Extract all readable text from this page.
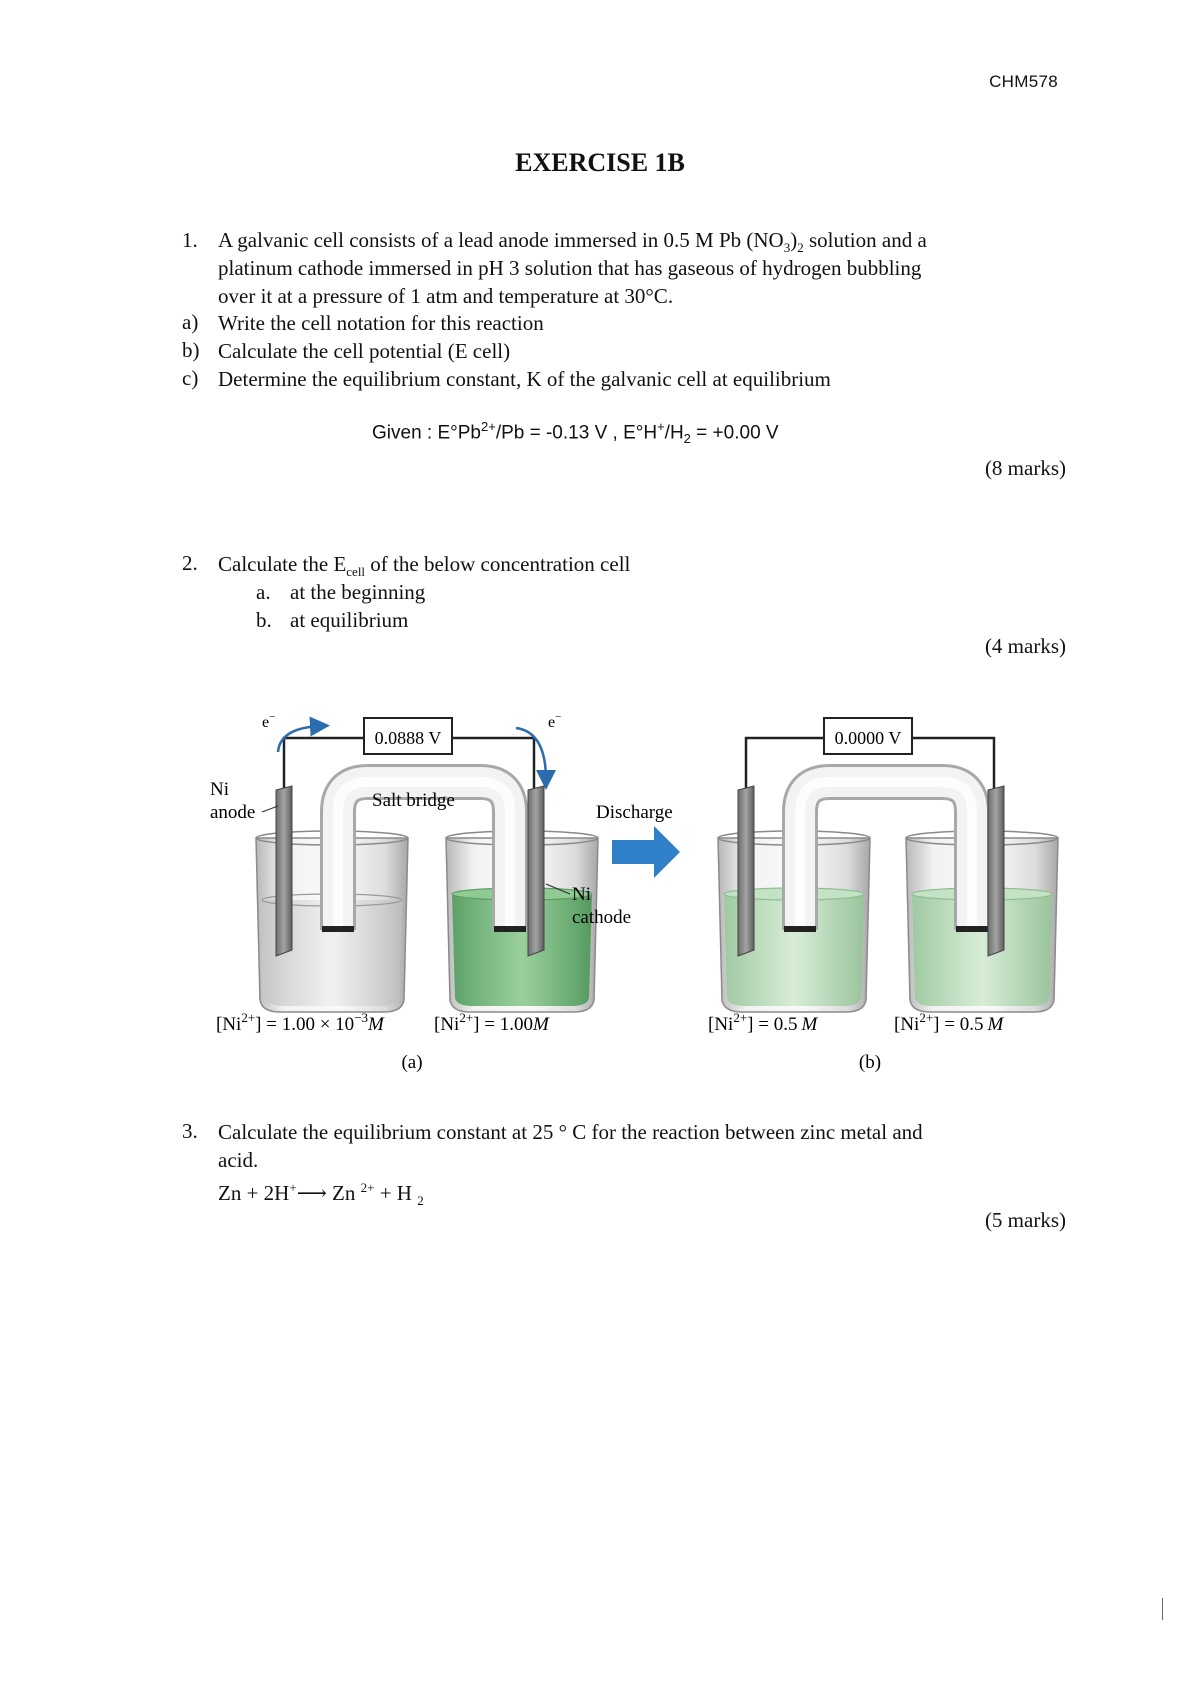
CHM578
EXERCISE 1B
1. A galvanic cell consists of a lead anode immersed in 0.5 M Pb $(NO_3)_2$ solution and a
platinum cathode immersed in pH 3 solution that has gaseous of hydrogen bubbling
over it at a pressure of 1 atm and temperature at 30°C.
a) Write the cell notation for this reaction
b) Calculate the cell potential (E cell)
c) Determine the equilibrium constant, K of the galvanic cell at equilibrium
Given : $E^\circ Pb^{2+}/Pb = -0.13$ V , $E^\circ H^+/H_2 = +0.00$ V
(8 marks)
2. Calculate the $E_{cell}$ of the below concentration cell
a. at the beginning
b. at equilibrium
(4 marks)
0.0888 V
e−	e−
Salt bridge
Ni
anode
Ni
cathode
$[Ni^{2+}] = 1.00 \times 10^{-3}M$	$[Ni^{2+}] = 1.00M$
(a)
Discharge
0.0000 V
$[Ni^{2+}] = 0.5$ M	$[Ni^{2+}] = 0.5$ M
(b)
3. Calculate the equilibrium constant at 25 ° C for the reaction between zinc metal and
acid.
Zn + 2H+⟶ Zn $^{2+}$ + H $_2$
(5 marks)
